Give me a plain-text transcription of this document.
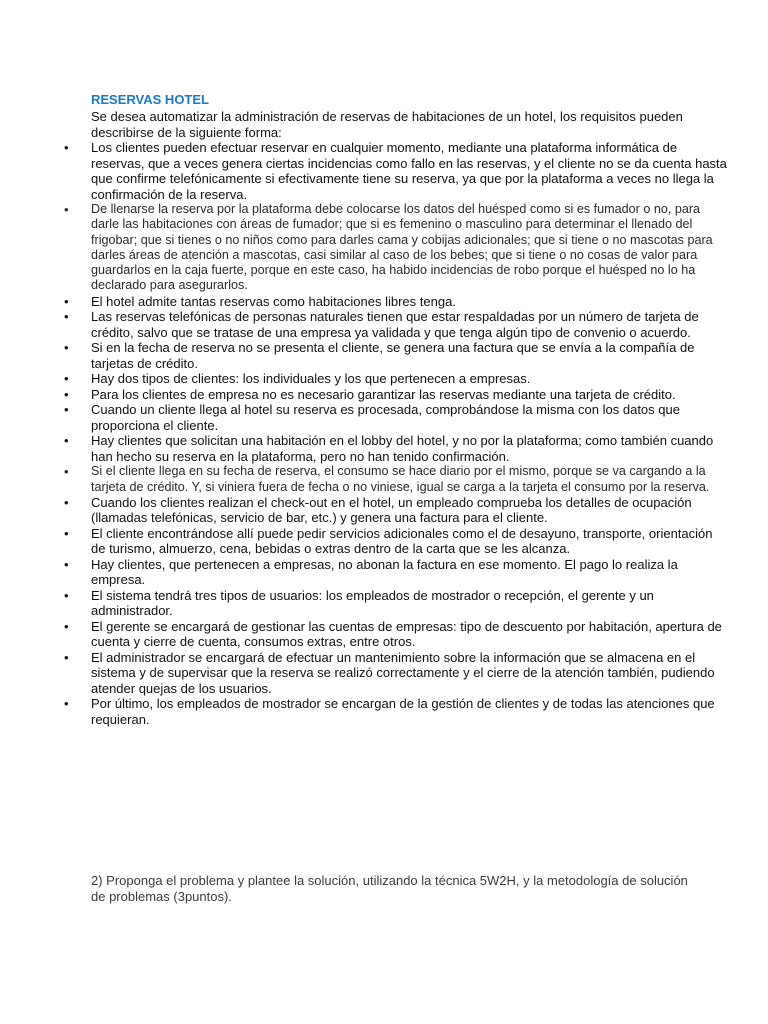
RESERVAS HOTEL

Se desea automatizar la administración de reservas de habitaciones de un hotel, los requisitos pueden describirse de la siguiente forma:

• Los clientes pueden efectuar reservar en cualquier momento, mediante una plataforma informática de reservas, que a veces genera ciertas incidencias como fallo en las reservas, y el cliente no se da cuenta hasta que confirme telefónicamente si efectivamente tiene su reserva, ya que por la plataforma a veces no llega la confirmación de la reserva.
• De llenarse la reserva por la plataforma debe colocarse los datos del huésped como si es fumador o no, para darle las habitaciones con áreas de fumador; que si es femenino o masculino para determinar el llenado del frigobar; que si tienes o no niños como para darles cama y cobijas adicionales; que si tiene o no mascotas para darles áreas de atención a mascotas, casi similar al caso de los bebes; que si tiene o no cosas de valor para guardarlos en la caja fuerte, porque en este caso, ha habido incidencias de robo porque el huésped no lo ha declarado para asegurarlos.
• El hotel admite tantas reservas como habitaciones libres tenga.
• Las reservas telefónicas de personas naturales tienen que estar respaldadas por un número de tarjeta de crédito, salvo que se tratase de una empresa ya validada y que tenga algún tipo de convenio o acuerdo.
• Si en la fecha de reserva no se presenta el cliente, se genera una factura que se envía a la compañía de tarjetas de crédito.
• Hay dos tipos de clientes: los individuales y los que pertenecen a empresas.
• Para los clientes de empresa no es necesario garantizar las reservas mediante una tarjeta de crédito.
• Cuando un cliente llega al hotel su reserva es procesada, comprobándose la misma con los datos que proporciona el cliente.
• Hay clientes que solicitan una habitación en el lobby del hotel, y no por la plataforma; como también cuando han hecho su reserva en la plataforma, pero no han tenido confirmación.
• Si el cliente llega en su fecha de reserva, el consumo se hace diario por el mismo, porque se va cargando a la tarjeta de crédito. Y, si viniera fuera de fecha o no viniese, igual se carga a la tarjeta el consumo por la reserva.
• Cuando los clientes realizan el check-out en el hotel, un empleado comprueba los detalles de ocupación (llamadas telefónicas, servicio de bar, etc.) y genera una factura para el cliente.
• El cliente encontrándose allí puede pedir servicios adicionales como el de desayuno, transporte, orientación de turismo, almuerzo, cena, bebidas o extras dentro de la carta que se les alcanza.
• Hay clientes, que pertenecen a empresas, no abonan la factura en ese momento. El pago lo realiza la empresa.
• El sistema tendrá tres tipos de usuarios: los empleados de mostrador o recepción, el gerente y un administrador.
• El gerente se encargará de gestionar las cuentas de empresas: tipo de descuento por habitación, apertura de cuenta y cierre de cuenta, consumos extras, entre otros.
• El administrador se encargará de efectuar un mantenimiento sobre la información que se almacena en el sistema y de supervisar que la reserva se realizó correctamente y el cierre de la atención también, pudiendo atender quejas de los usuarios.
• Por último, los empleados de mostrador se encargan de la gestión de clientes y de todas las atenciones que requieran.

2) Proponga el problema y plantee la solución, utilizando la técnica 5W2H, y la metodología de solución de problemas (3puntos).
